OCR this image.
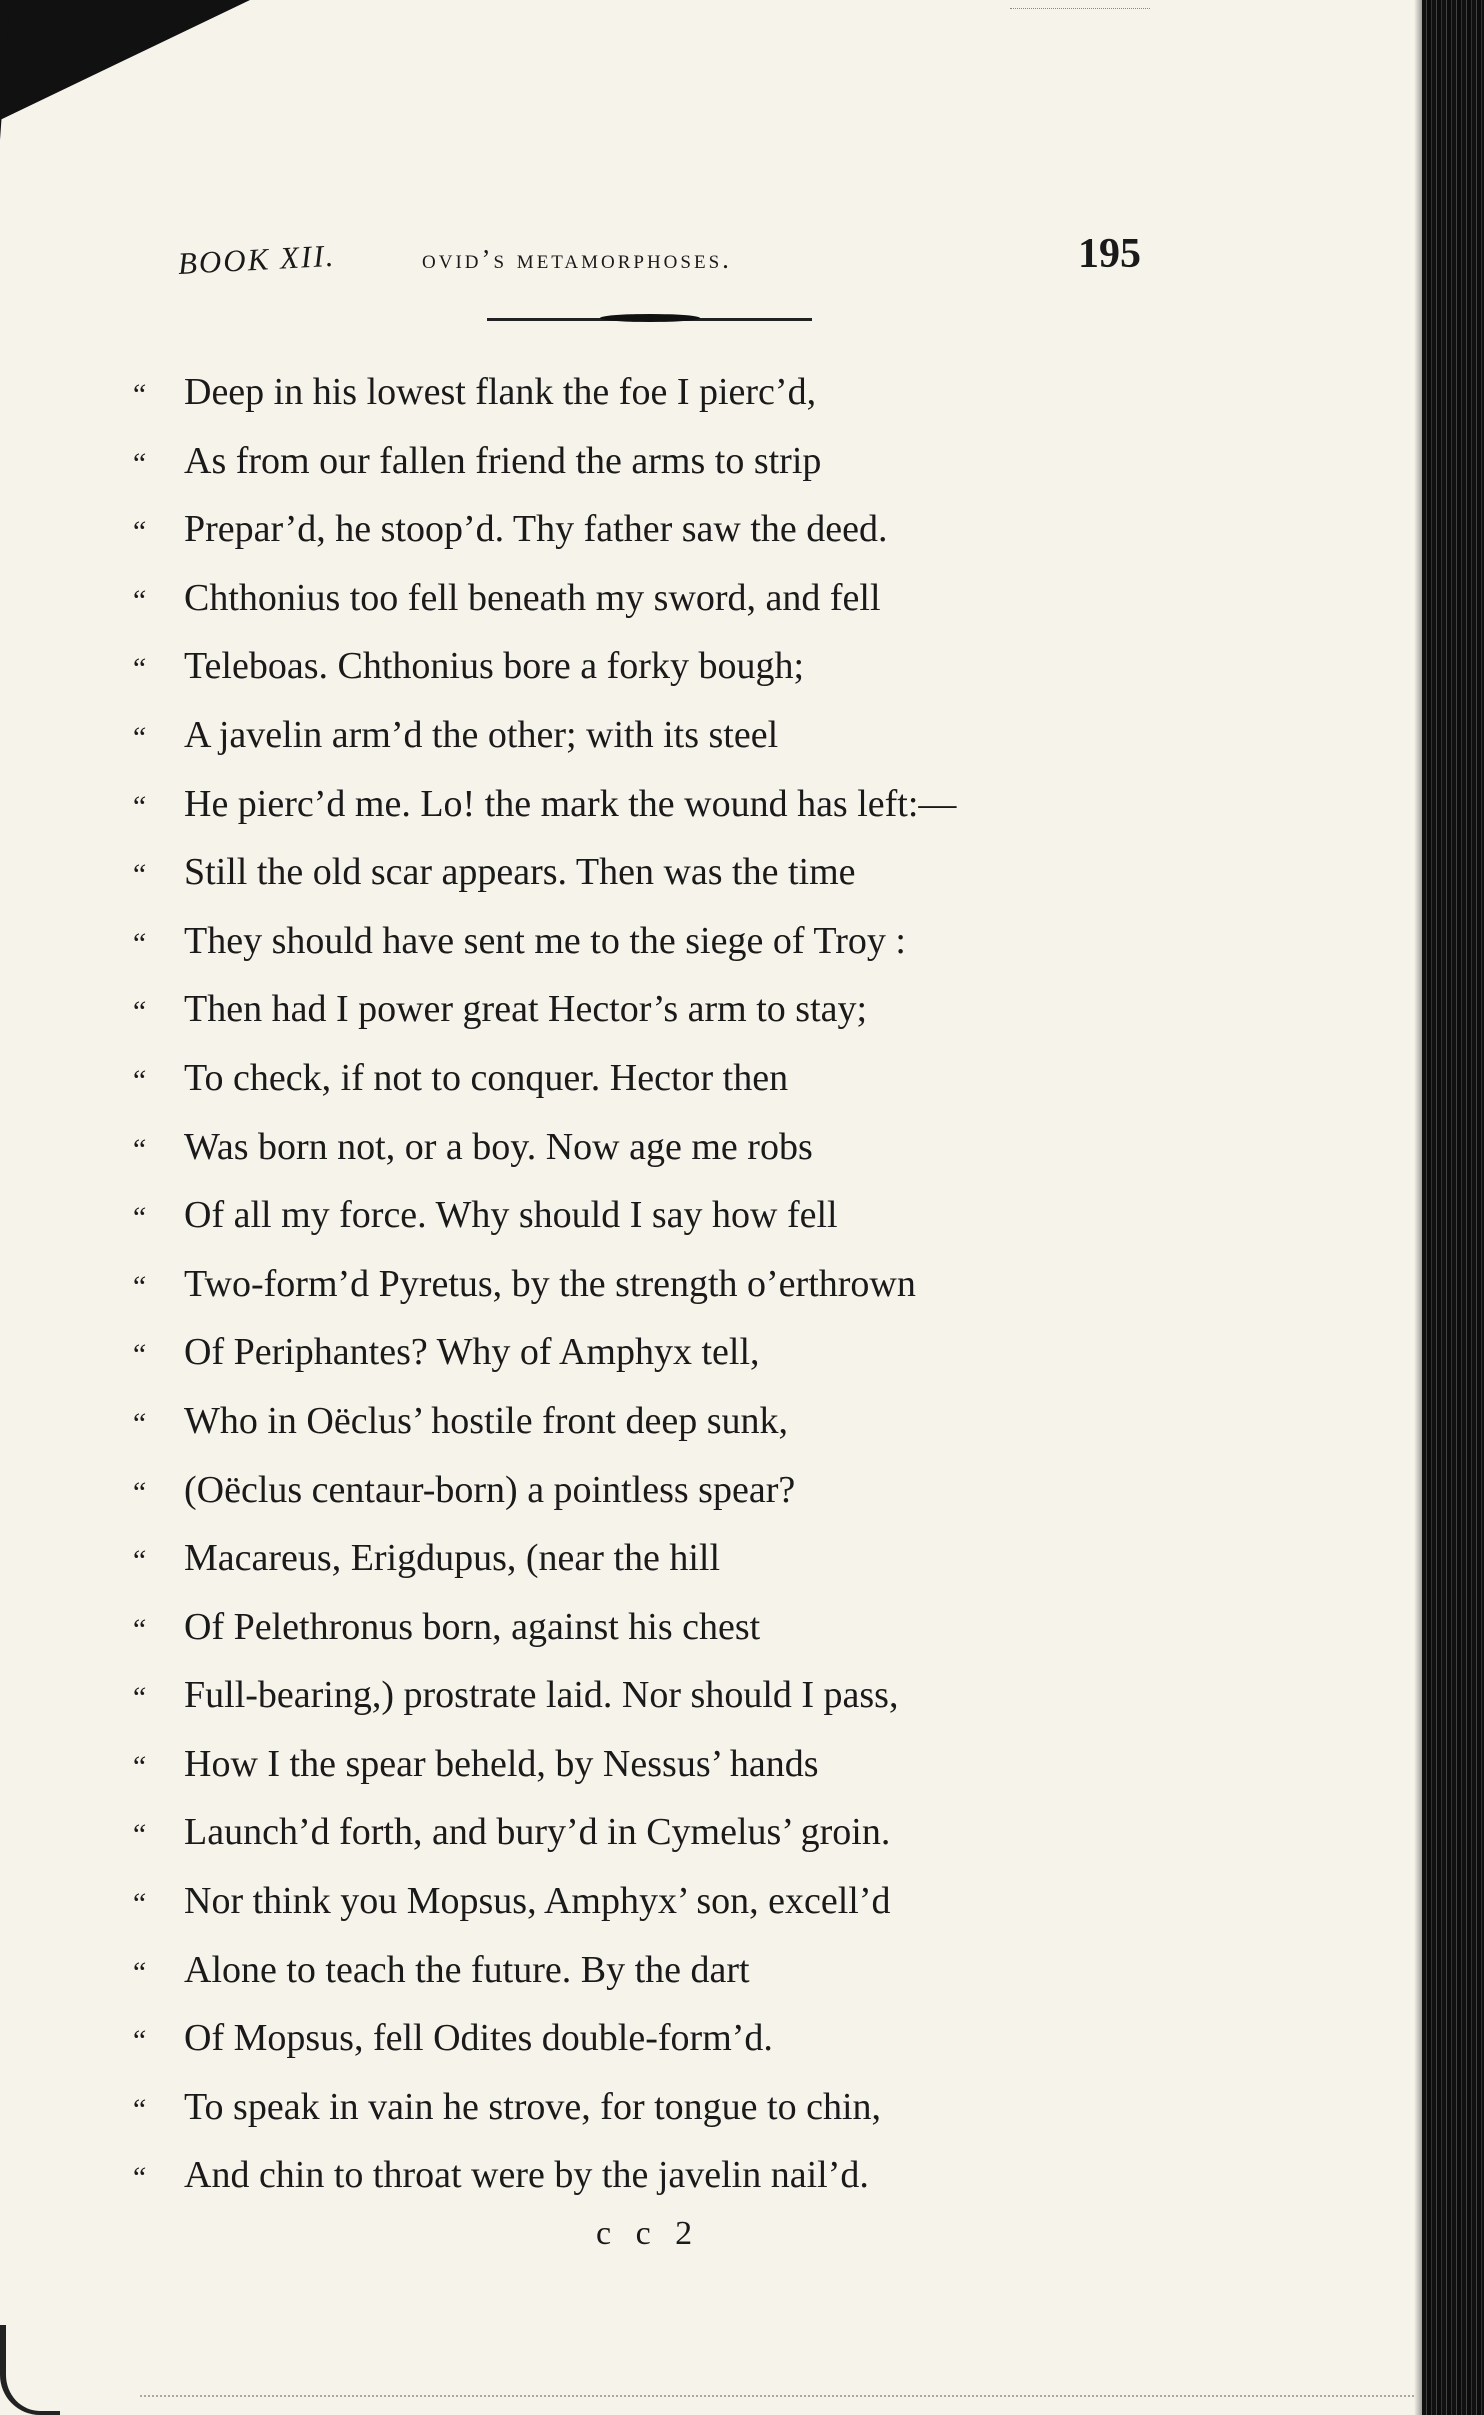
BOOK XII.	ovid’s metamorphoses.	195
“ Deep in his lowest flank the foe I pierc’d,
“ As from our fallen friend the arms to strip
“ Prepar’d, he stoop’d. Thy father saw the deed.
“ Chthonius too fell beneath my sword, and fell
“ Teleboas. Chthonius bore a forky bough;
“ A javelin arm’d the other; with its steel
“ He pierc’d me. Lo! the mark the wound has left:—
“ Still the old scar appears. Then was the time
“ They should have sent me to the siege of Troy :
“ Then had I power great Hector’s arm to stay;
“ To check, if not to conquer. Hector then
“ Was born not, or a boy. Now age me robs
“ Of all my force. Why should I say how fell
“ Two-form’d Pyretus, by the strength o’erthrown
“ Of Periphantes? Why of Amphyx tell,
“ Who in Oëclus’ hostile front deep sunk,
“ (Oëclus centaur-born) a pointless spear?
“ Macareus, Erigdupus, (near the hill
“ Of Pelethronus born, against his chest
“ Full-bearing,) prostrate laid. Nor should I pass,
“ How I the spear beheld, by Nessus’ hands
“ Launch’d forth, and bury’d in Cymelus’ groin.
“ Nor think you Mopsus, Amphyx’ son, excell’d
“ Alone to teach the future. By the dart
“ Of Mopsus, fell Odites double-form’d.
“ To speak in vain he strove, for tongue to chin,
“ And chin to throat were by the javelin nail’d.
c c 2
